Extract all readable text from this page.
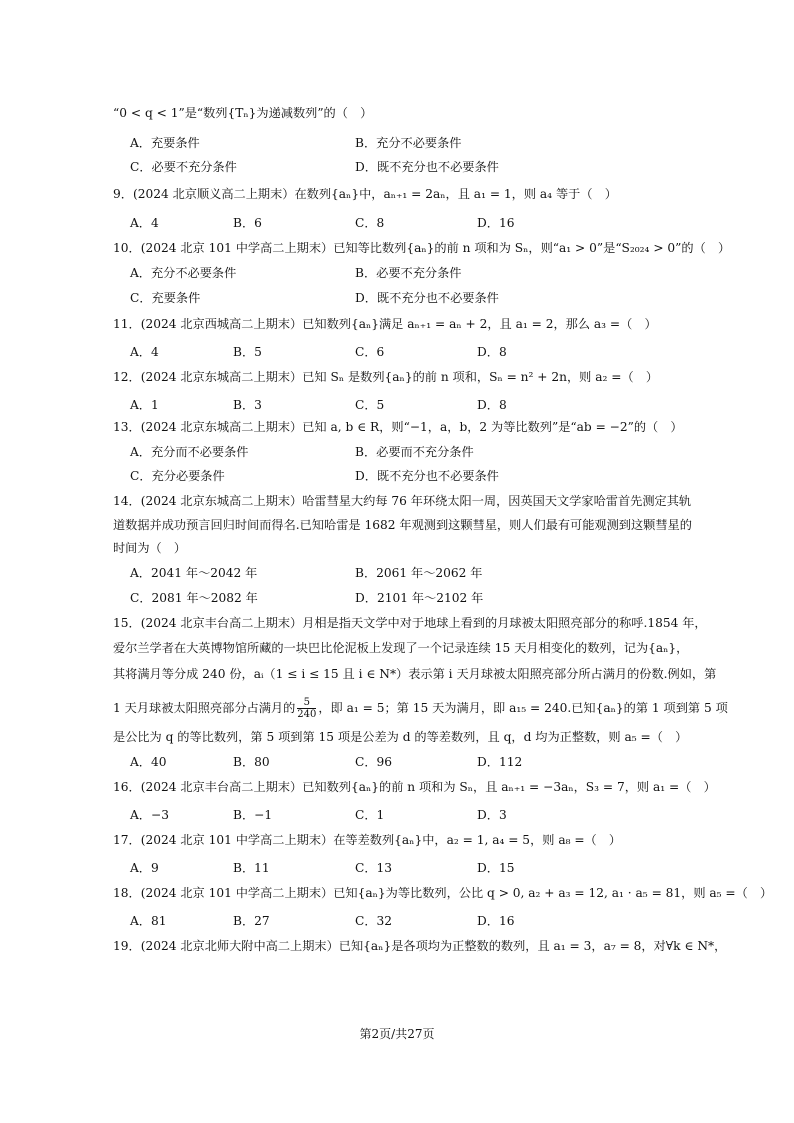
“0 < q < 1”是“数列{Tₙ}为递减数列”的（　）
A．充要条件	B．充分不必要条件
C．必要不充分条件	D．既不充分也不必要条件
9．(2024 北京顺义高二上期末）在数列{aₙ}中，aₙ₊₁ = 2aₙ，且 a₁ = 1，则 a₄ 等于（　）
A．4	B．6	C．8	D．16
10．(2024 北京 101 中学高二上期末）已知等比数列{aₙ}的前 n 项和为 Sₙ，则“a₁ > 0”是“S₂₀₂₄ > 0”的（　）
A．充分不必要条件	B．必要不充分条件
C．充要条件	D．既不充分也不必要条件
11．(2024 北京西城高二上期末）已知数列{aₙ}满足 aₙ₊₁ = aₙ + 2，且 a₁ = 2，那么 a₃ =（　）
A．4	B．5	C．6	D．8
12．(2024 北京东城高二上期末）已知 Sₙ 是数列{aₙ}的前 n 项和，Sₙ = n² + 2n，则 a₂ =（　）
A．1	B．3	C．5	D．8
13．(2024 北京东城高二上期末）已知 a, b ∈ R，则“−1，a，b，2 为等比数列”是“ab = −2”的（　）
A．充分而不必要条件	B．必要而不充分条件
C．充分必要条件	D．既不充分也不必要条件
14．(2024 北京东城高二上期末）哈雷彗星大约每 76 年环绕太阳一周，因英国天文学家哈雷首先测定其轨
道数据并成功预言回归时间而得名.已知哈雷是 1682 年观测到这颗彗星，则人们最有可能观测到这颗彗星的
时间为（　）
A．2041 年～2042 年	B．2061 年～2062 年
C．2081 年～2082 年	D．2101 年～2102 年
15．(2024 北京丰台高二上期末）月相是指天文学中对于地球上看到的月球被太阳照亮部分的称呼.1854 年，
爱尔兰学者在大英博物馆所藏的一块巴比伦泥板上发现了一个记录连续 15 天月相变化的数列，记为{aₙ}，
其将满月等分成 240 份，aᵢ（1 ≤ i ≤ 15 且 i ∈ N*）表示第 i 天月球被太阳照亮部分所占满月的份数.例如，第
1 天月球被太阳照亮部分占满月的 $\frac{5}{240}$ ，即 a₁ = 5；第 15 天为满月，即 a₁₅ = 240.已知{aₙ}的第 1 项到第 5 项
是公比为 q 的等比数列，第 5 项到第 15 项是公差为 d 的等差数列，且 q，d 均为正整数，则 a₅ =（　）
A．40	B．80	C．96	D．112
16．(2024 北京丰台高二上期末）已知数列{aₙ}的前 n 项和为 Sₙ，且 aₙ₊₁ = −3aₙ，S₃ = 7，则 a₁ =（　）
A．−3	B．−1	C．1	D．3
17．(2024 北京 101 中学高二上期末）在等差数列{aₙ}中，a₂ = 1, a₄ = 5，则 a₈ =（　）
A．9	B．11	C．13	D．15
18．(2024 北京 101 中学高二上期末）已知{aₙ}为等比数列，公比 q > 0, a₂ + a₃ = 12, a₁ · a₅ = 81，则 a₅ =（　）
A．81	B．27	C．32	D．16
19．(2024 北京北师大附中高二上期末）已知{aₙ}是各项均为正整数的数列，且 a₁ = 3，a₇ = 8，对∀k ∈ N*，
第2页/共27页
